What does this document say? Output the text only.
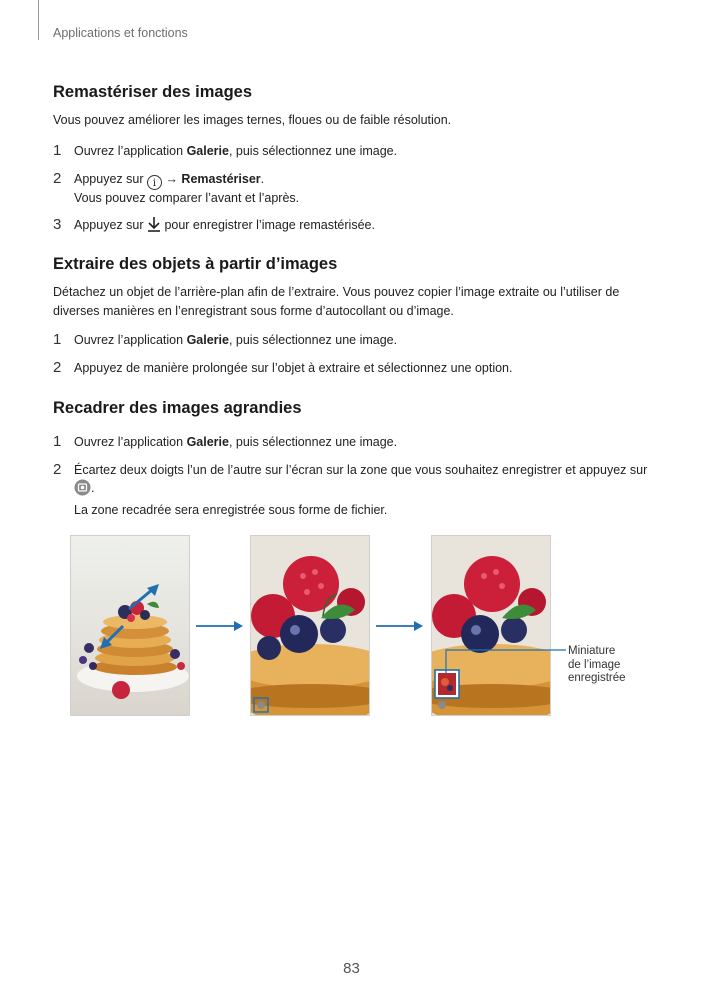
Applications et fonctions
Remastériser des images

Vous pouvez améliorer les images ternes, floues ou de faible résolution.

1 Ouvrez l’application Galerie, puis sélectionnez une image.
2 Appuyez sur i → Remastériser.
Vous pouvez comparer l’avant et l’après.
3 Appuyez sur  pour enregistrer l’image remastérisée.
Extraire des objets à partir d’images

Détachez un objet de l’arrière-plan afin de l’extraire. Vous pouvez copier l’image extraite ou l’utiliser de

diverses manières en l’enregistrant sous forme d’autocollant ou d’image.

1 Ouvrez l’application Galerie, puis sélectionnez une image.
2 Appuyez de manière prolongée sur l’objet à extraire et sélectionnez une option.
Recadrer des images agrandies
1 Ouvrez l’application Galerie, puis sélectionnez une image.
2 Écartez deux doigts l’un de l’autre sur l’écran sur la zone que vous souhaitez enregistrer et appuyez sur
.
La zone recadrée sera enregistrée sous forme de fichier.
Miniature
de l’image
enregistrée
83
